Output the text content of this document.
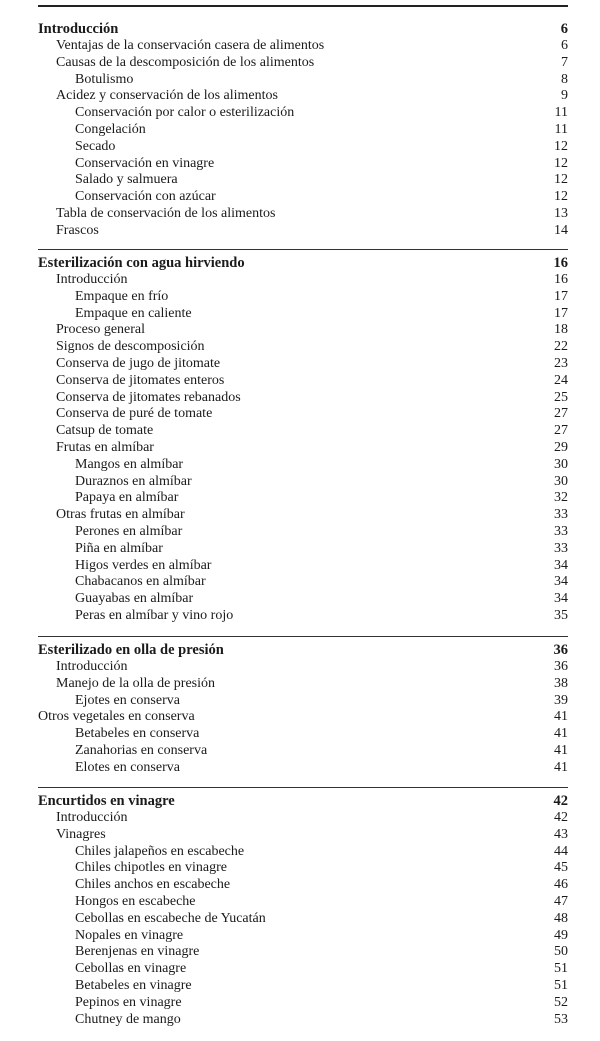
Introducción	6
Ventajas de la conservación casera de alimentos	6
Causas de la descomposición de los alimentos	7
Botulismo	8
Acidez y conservación de los alimentos	9
Conservación por calor o esterilización	11
Congelación	11
Secado	12
Conservación en vinagre	12
Salado y salmuera	12
Conservación con azúcar	12
Tabla de conservación de los alimentos	13
Frascos	14
Esterilización con agua hirviendo	16
Introducción	16
Empaque en frío	17
Empaque en caliente	17
Proceso general	18
Signos de descomposición	22
Conserva de jugo de jitomate	23
Conserva de jitomates enteros	24
Conserva de jitomates rebanados	25
Conserva de puré de tomate	27
Catsup de tomate	27
Frutas en almíbar	29
Mangos en almíbar	30
Duraznos en almíbar	30
Papaya en almíbar	32
Otras frutas en almíbar	33
Perones en almíbar	33
Piña en almíbar	33
Higos verdes en almíbar	34
Chabacanos en almíbar	34
Guayabas en almíbar	34
Peras en almíbar y vino rojo	35
Esterilizado en olla de presión	36
Introducción	36
Manejo de la olla de presión	38
Ejotes en conserva	39
Otros vegetales en conserva	41
Betabeles en conserva	41
Zanahorias en conserva	41
Elotes en conserva	41
Encurtidos en vinagre	42
Introducción	42
Vinagres	43
Chiles jalapeños en escabeche	44
Chiles chipotles en vinagre	45
Chiles anchos en escabeche	46
Hongos en escabeche	47
Cebollas en escabeche de Yucatán	48
Nopales en vinagre	49
Berenjenas en vinagre	50
Cebollas en vinagre	51
Betabeles en vinagre	51
Pepinos en vinagre	52
Chutney de mango	53
